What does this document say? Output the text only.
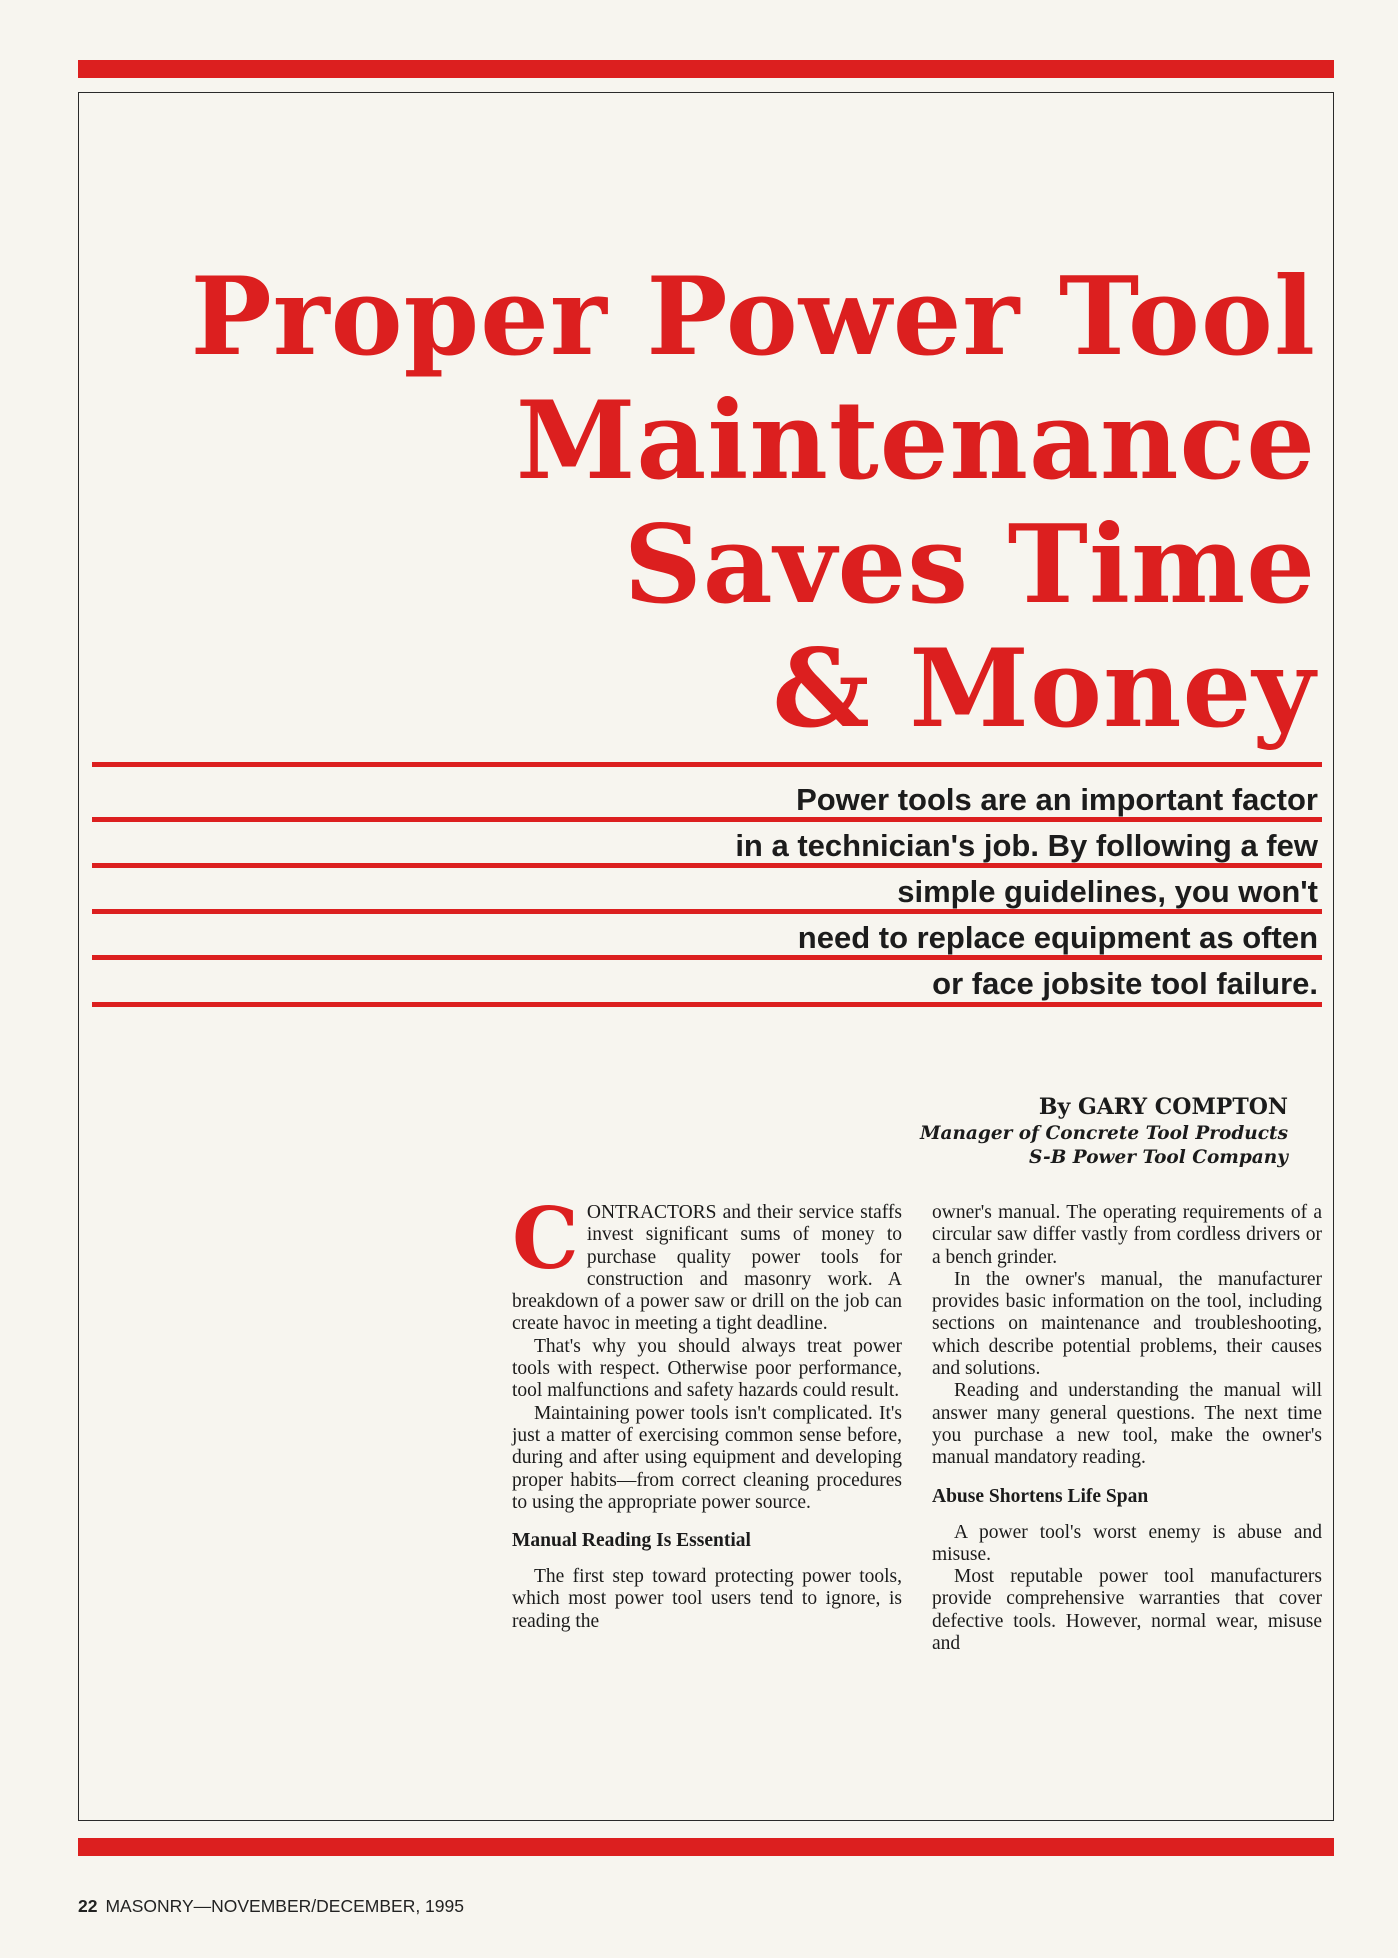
Proper Power Tool
Maintenance
Saves Time
& Money

Power tools are an important factor

in a technician's job. By following a few

simple guidelines, you won't

need to replace equipment as often

or face jobsite tool failure.

By GARY COMPTON
Manager of Concrete Tool Products
S-B Power Tool Company

CONTRACTORS and their service staffs invest significant sums of money to purchase quality power tools for construction and masonry work. A breakdown of a power saw or drill on the job can create havoc in meeting a tight deadline.

That's why you should always treat power tools with respect. Otherwise poor performance, tool malfunctions and safety hazards could result.

Maintaining power tools isn't complicated. It's just a matter of exercising common sense before, during and after using equipment and developing proper habits—from correct cleaning procedures to using the appropriate power source.

Manual Reading Is Essential

The first step toward protecting power tools, which most power tool users tend to ignore, is reading the

owner's manual. The operating requirements of a circular saw differ vastly from cordless drivers or a bench grinder.

In the owner's manual, the manufacturer provides basic information on the tool, including sections on maintenance and troubleshooting, which describe potential problems, their causes and solutions.

Reading and understanding the manual will answer many general questions. The next time you purchase a new tool, make the owner's manual mandatory reading.

Abuse Shortens Life Span

A power tool's worst enemy is abuse and misuse.

Most reputable power tool manufacturers provide comprehensive warranties that cover defective tools. However, normal wear, misuse and

22 MASONRY—NOVEMBER/DECEMBER, 1995
